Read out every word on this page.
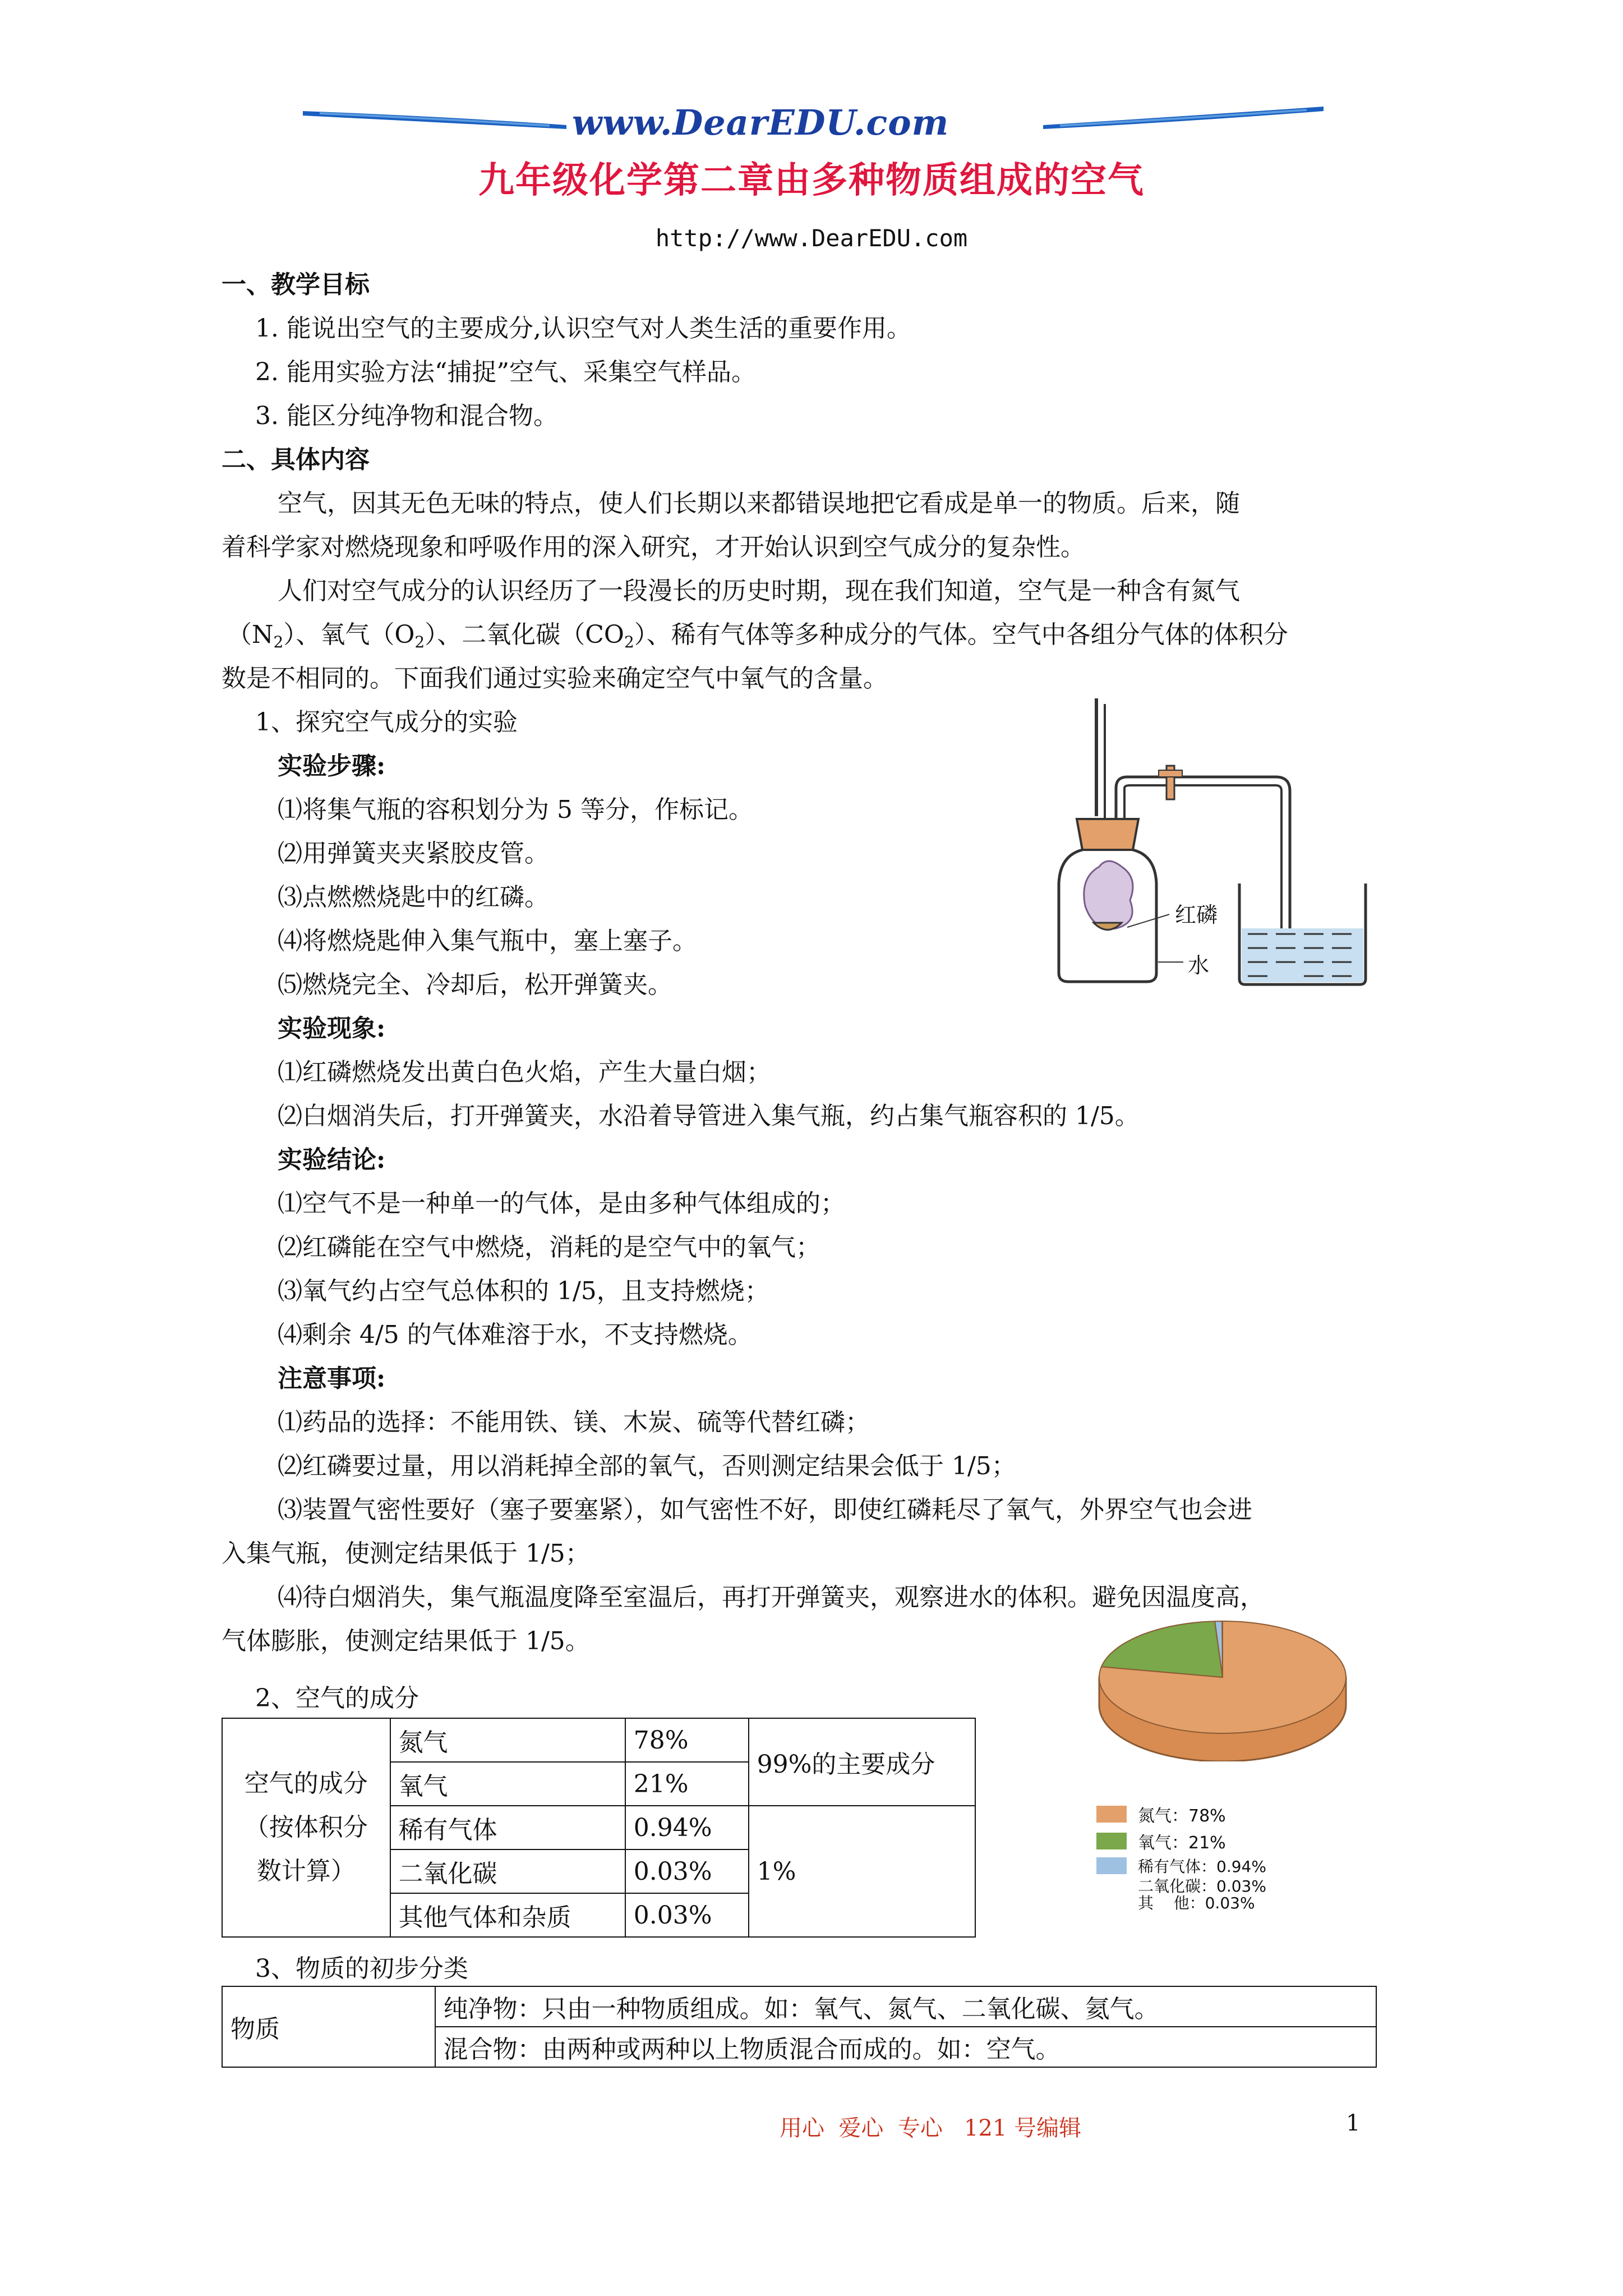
www.DearEDU.com
九年级化学第二章由多种物质组成的空气
http://www.DearEDU.com
一、教学目标
1. 能说出空气的主要成分,认识空气对人类生活的重要作用。
2. 能用实验方法“捕捉”空气、采集空气样品。
3. 能区分纯净物和混合物。
二、具体内容
空气，因其无色无味的特点，使人们长期以来都错误地把它看成是单一的物质。后来，随
着科学家对燃烧现象和呼吸作用的深入研究，才开始认识到空气成分的复杂性。
人们对空气成分的认识经历了一段漫长的历史时期，现在我们知道，空气是一种含有氮气
$(N_2)$、氧气$(O_2)$、二氧化碳$(CO_2)$、稀有气体等多种成分的气体。空气中各组分气体的体积分
数是不相同的。下面我们通过实验来确定空气中氧气的含量。
1、探究空气成分的实验
实验步骤:
⑴将集气瓶的容积划分为 5 等分，作标记。
⑵用弹簧夹夹紧胶皮管。
⑶点燃燃烧匙中的红磷。
⑷将燃烧匙伸入集气瓶中，塞上塞子。
⑸燃烧完全、冷却后，松开弹簧夹。
实验现象:
⑴红磷燃烧发出黄白色火焰，产生大量白烟；
⑵白烟消失后，打开弹簧夹，水沿着导管进入集气瓶，约占集气瓶容积的 1/5。
实验结论:
⑴空气不是一种单一的气体，是由多种气体组成的；
⑵红磷能在空气中燃烧，消耗的是空气中的氧气；
⑶氧气约占空气总体积的 1/5，且支持燃烧；
⑷剩余 4/5 的气体难溶于水，不支持燃烧。
注意事项:
⑴药品的选择：不能用铁、镁、木炭、硫等代替红磷；
⑵红磷要过量，用以消耗掉全部的氧气，否则测定结果会低于 1/5；
⑶装置气密性要好（塞子要塞紧），如气密性不好，即使红磷耗尽了氧气，外界空气也会进
入集气瓶，使测定结果低于 1/5；
⑷待白烟消失，集气瓶温度降至室温后，再打开弹簧夹，观察进水的体积。避免因温度高，
气体膨胀，使测定结果低于 1/5。
红磷
水
2、空气的成分
空气的成分
（按体积分
数计算）	氮气	78%	99%的主要成分
	氧气	21%	
	稀有气体	0.94%	1%
	二氧化碳	0.03%	
	其他气体和杂质	0.03%	
氮气：78%
氧气：21%
稀有气体：0.94%
二氧化碳：0.03%
其    他：0.03%
3、物质的初步分类
物质	纯净物：只由一种物质组成。如：氧气、氮气、二氧化碳、氦气。
混合物：由两种或两种以上物质混合而成的。如：空气。
用心  爱心  专心   121 号编辑	1
